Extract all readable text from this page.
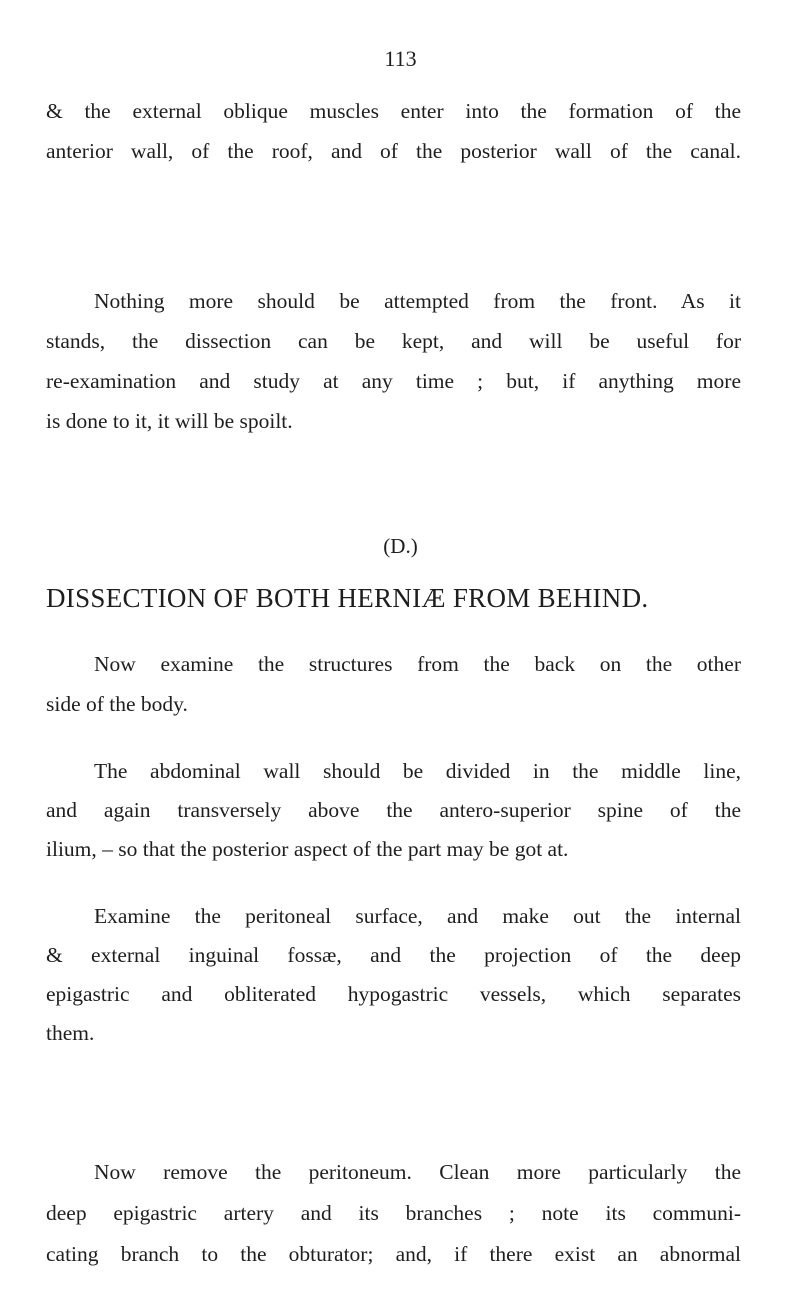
113
& the external oblique muscles enter into the formation of the
anterior wall, of the roof, and of the posterior wall of the canal.
Nothing more should be attempted from the front. As it
stands, the dissection can be kept, and will be useful for
re-examination and study at any time ; but, if anything more
is done to it, it will be spoilt.
(D.)
DISSECTION OF BOTH HERNIÆ FROM BEHIND.
Now examine the structures from the back on the other
side of the body.
The abdominal wall should be divided in the middle line,
and again transversely above the antero-superior spine of the
ilium, – so that the posterior aspect of the part may be got at.
Examine the peritoneal surface, and make out the internal
& external inguinal fossæ, and the projection of the deep
epigastric and obliterated hypogastric vessels, which separates
them.
Now remove the peritoneum. Clean more particularly the
deep epigastric artery and its branches ; note its communi-
cating branch to the obturator; and, if there exist an abnormal
